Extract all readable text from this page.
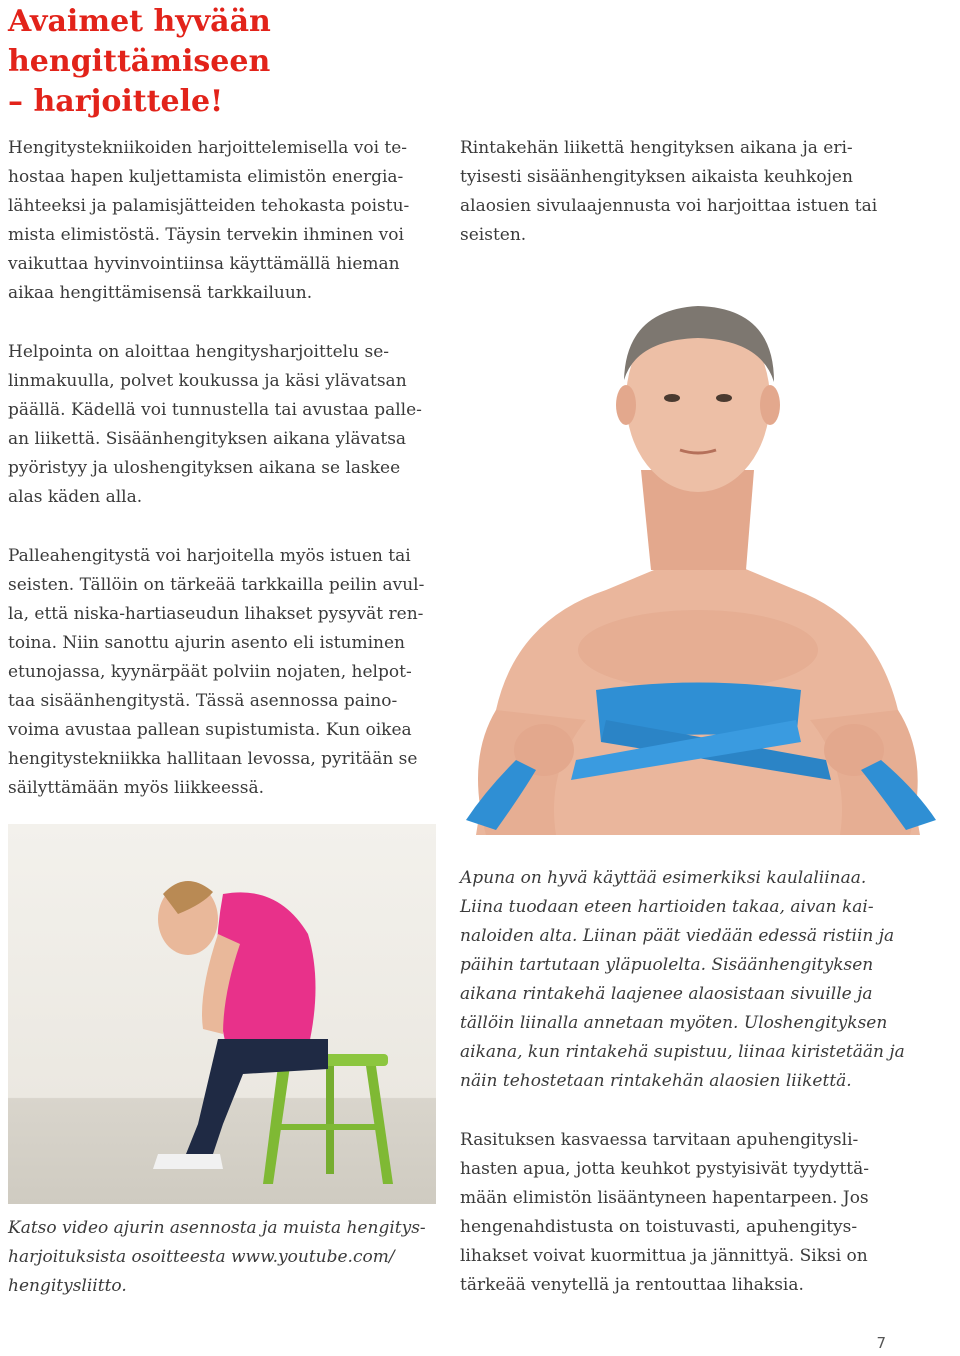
Avaimet hyvään
hengittämiseen
– harjoittele!

Hengitystekniikoiden harjoittelemisella voi te-
hostaa hapen kuljettamista elimistön energia-
lähteeksi ja palamisjätteiden tehokasta poistu-
mista elimistöstä. Täysin tervekin ihminen voi
vaikuttaa hyvinvointiinsa käyttämällä hieman
aikaa hengittämisensä tarkkailuun.

Helpointa on aloittaa hengitysharjoittelu se-
linmakuulla, polvet koukussa ja käsi ylävatsan
päällä. Kädellä voi tunnustella tai avustaa palle-
an liikettä. Sisäänhengityksen aikana ylävatsa
pyöristyy ja uloshengityksen aikana se laskee
alas käden alla.

Palleahengitystä voi harjoitella myös istuen tai
seisten. Tällöin on tärkeää tarkkailla peilin avul-
la, että niska-hartiaseudun lihakset pysyvät ren-
toina. Niin sanottu ajurin asento eli istuminen
etunojassa, kyynärpäät polviin nojaten, helpot-
taa sisäänhengitystä. Tässä asennossa paino-
voima avustaa pallean supistumista. Kun oikea
hengitystekniikka hallitaan levossa, pyritään se
säilyttämään myös liikkeessä.

Rintakehän liikettä hengityksen aikana ja eri-
tyisesti sisäänhengityksen aikaista keuhkojen
alaosien sivulaajennusta voi harjoittaa istuen tai
seisten.

Apuna on hyvä käyttää esimerkiksi kaulaliinaa.
Liina tuodaan eteen hartioiden takaa, aivan kai-
naloiden alta. Liinan päät viedään edessä ristiin ja
päihin tartutaan yläpuolelta. Sisäänhengityksen
aikana rintakehä laajenee alaosistaan sivuille ja
tällöin liinalla annetaan myöten. Uloshengityksen
aikana, kun rintakehä supistuu, liinaa kiristetään ja
näin tehostetaan rintakehän alaosien liikettä.

Rasituksen kasvaessa tarvitaan apuhengitysli-
hasten apua, jotta keuhkot pystyisivät tyydyttä-
mään elimistön lisääntyneen hapentarpeen. Jos
hengenahdistusta on toistuvasti, apuhengitys-
lihakset voivat kuormittua ja jännittyä. Siksi on
tärkeää venytellä ja rentouttaa lihaksia.

Katso video ajurin asennosta ja muista hengitys-
harjoituksista osoitteesta www.youtube.com/
hengitysliitto.

7
